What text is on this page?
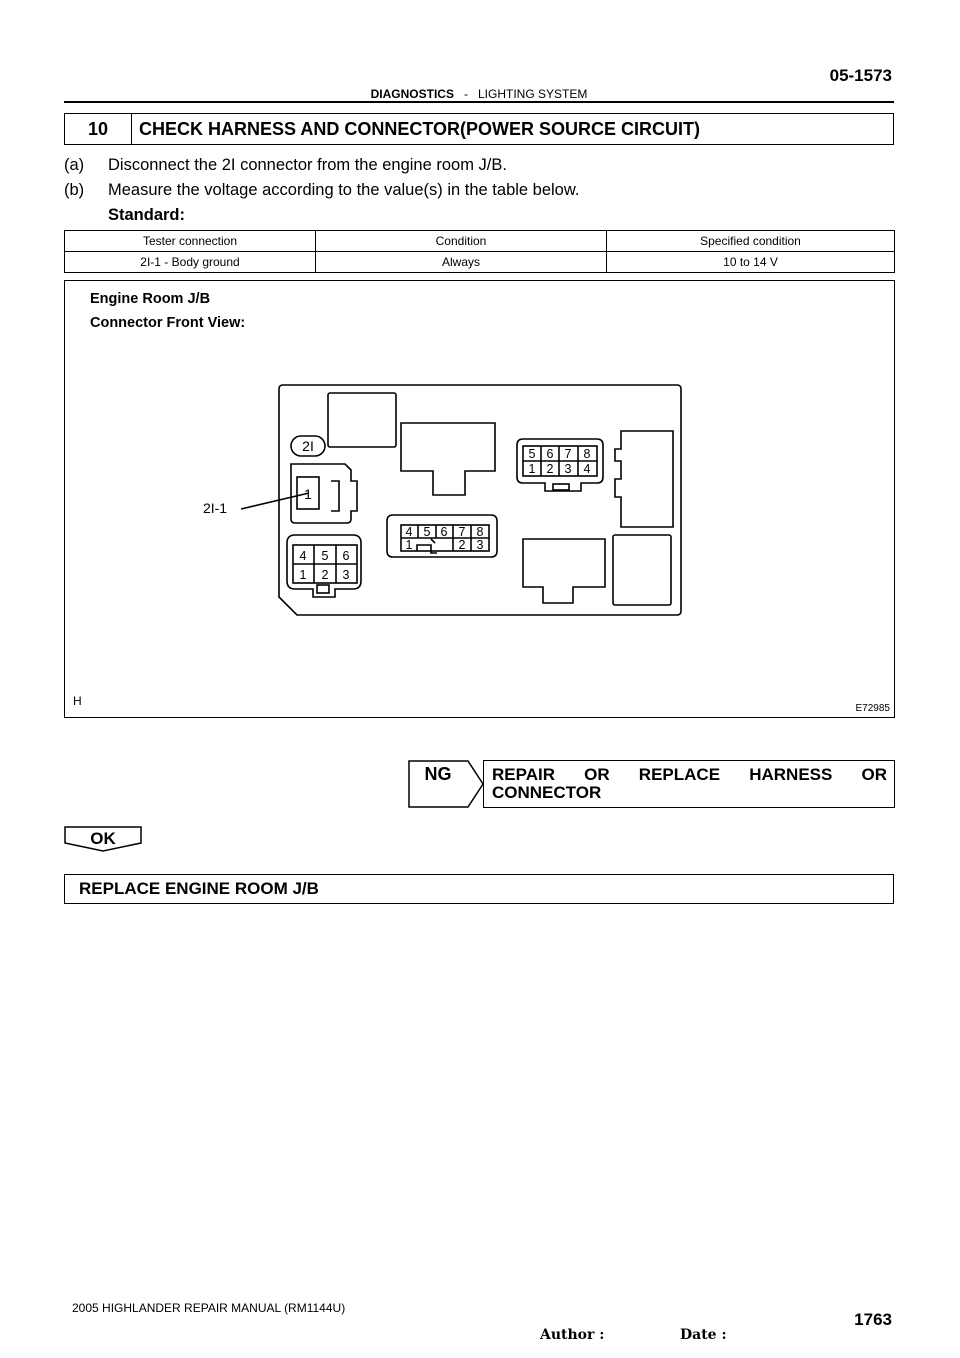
05-1573
DIAGNOSTICS - LIGHTING SYSTEM
10	CHECK HARNESS AND CONNECTOR(POWER SOURCE CIRCUIT)
(a) Disconnect the 2I connector from the engine room J/B.
(b) Measure the voltage according to the value(s) in the table below.
Standard:
Tester connection	Condition	Specified condition
2I-1 - Body ground	Always	10 to 14 V
Engine Room J/B
Connector Front View:
2I
1
2I-1
4 5 6
1 2 3
4 5 6 7 8
1	2 3
5 6 7 8
1 2 3 4
H
E72985
NG	REPAIR OR REPLACE HARNESS OR
CONNECTOR
OK
REPLACE ENGINE ROOM J/B
2005 HIGHLANDER REPAIR MANUAL (RM1144U)
1763
Author :	Date :
